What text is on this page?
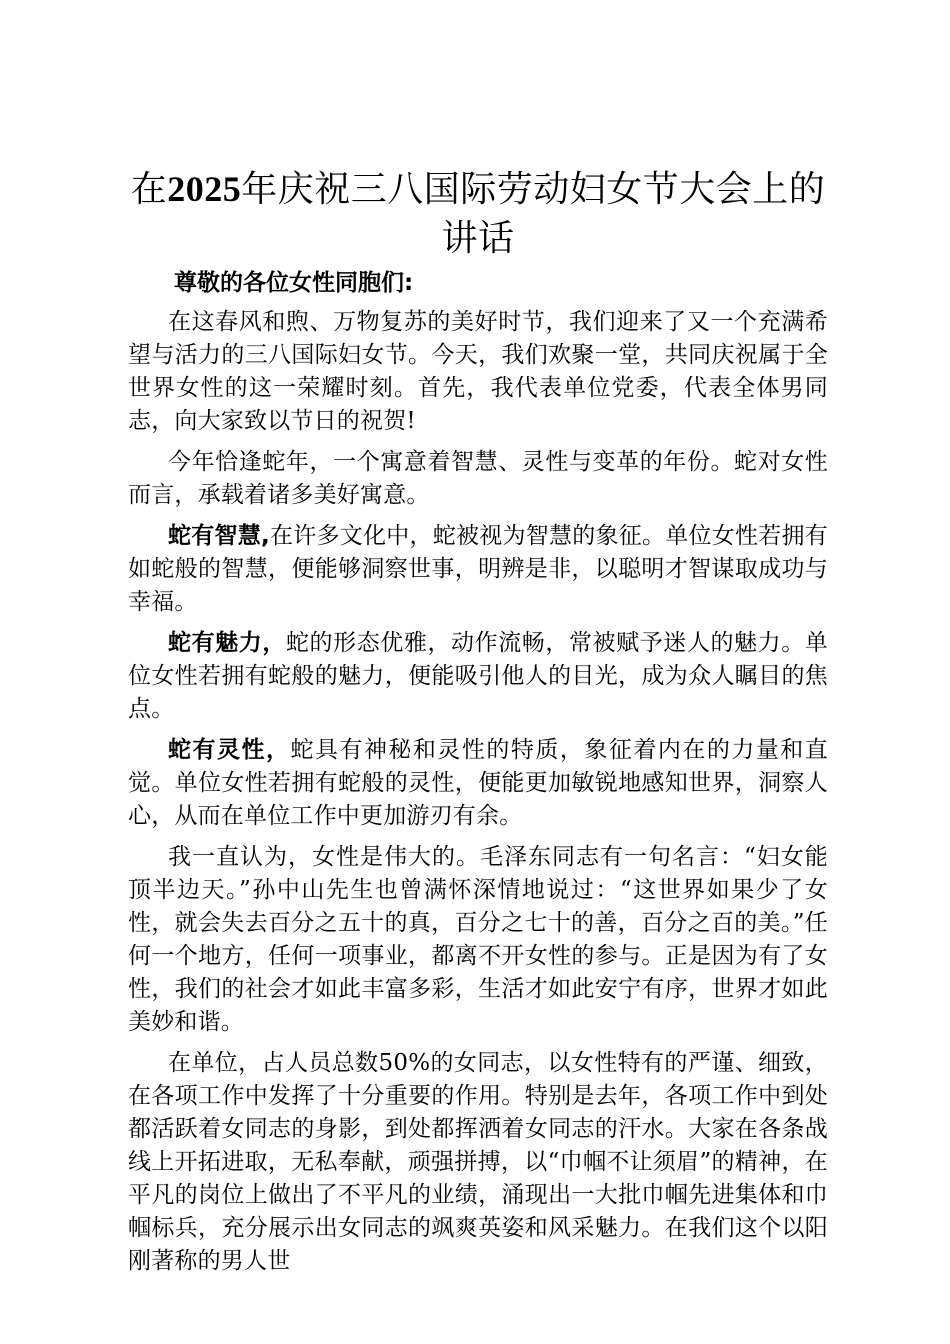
在2025年庆祝三八国际劳动妇女节大会上的讲话

尊敬的各位女性同胞们:

在这春风和煦、万物复苏的美好时节，我们迎来了又一个充满希望与活力的三八国际妇女节。今天，我们欢聚一堂，共同庆祝属于全世界女性的这一荣耀时刻。首先，我代表单位党委，代表全体男同志，向大家致以节日的祝贺!

今年恰逢蛇年，一个寓意着智慧、灵性与变革的年份。蛇对女性而言，承载着诸多美好寓意。

蛇有智慧,在许多文化中，蛇被视为智慧的象征。单位女性若拥有如蛇般的智慧，便能够洞察世事，明辨是非，以聪明才智谋取成功与幸福。

蛇有魅力，蛇的形态优雅，动作流畅，常被赋予迷人的魅力。单位女性若拥有蛇般的魅力，便能吸引他人的目光，成为众人瞩目的焦点。

蛇有灵性，蛇具有神秘和灵性的特质，象征着内在的力量和直觉。单位女性若拥有蛇般的灵性，便能更加敏锐地感知世界，洞察人心，从而在单位工作中更加游刃有余。

我一直认为，女性是伟大的。毛泽东同志有一句名言：“妇女能顶半边天。”孙中山先生也曾满怀深情地说过：“这世界如果少了女性，就会失去百分之五十的真，百分之七十的善，百分之百的美。”任何一个地方，任何一项事业，都离不开女性的参与。正是因为有了女性，我们的社会才如此丰富多彩，生活才如此安宁有序，世界才如此美妙和谐。

在单位，占人员总数50%的女同志，以女性特有的严谨、细致，在各项工作中发挥了十分重要的作用。特别是去年，各项工作中到处都活跃着女同志的身影，到处都挥洒着女同志的汗水。大家在各条战线上开拓进取，无私奉献，顽强拼搏，以“巾帼不让须眉”的精神，在平凡的岗位上做出了不平凡的业绩，涌现出一大批巾帼先进集体和巾帼标兵，充分展示出女同志的飒爽英姿和风采魅力。在我们这个以阳刚著称的男人世
